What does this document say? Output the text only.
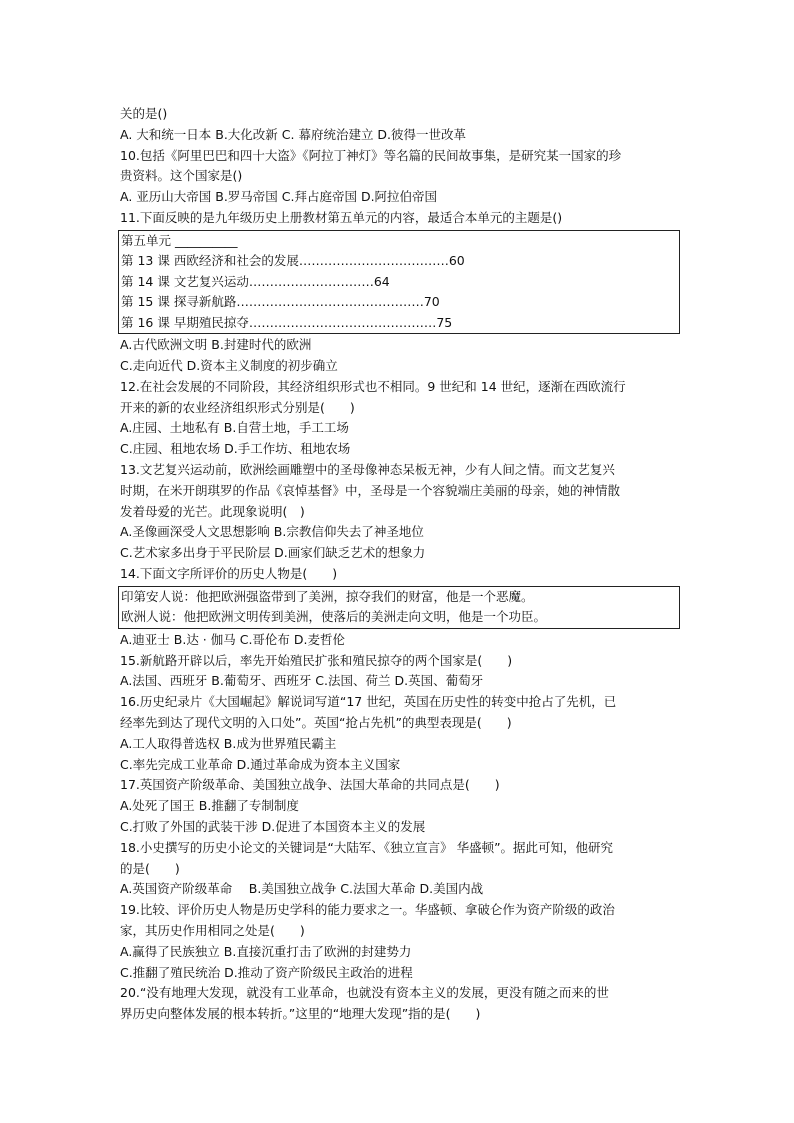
关的是()
A. 大和统一日本 B.大化改新 C. 幕府统治建立 D.彼得一世改革
10.包括《阿里巴巴和四十大盗》《阿拉丁神灯》等名篇的民间故事集，是研究某一国家的珍
贵资料。这个国家是()
A. 亚历山大帝国 B.罗马帝国 C.拜占庭帝国 D.阿拉伯帝国
11.下面反映的是九年级历史上册教材第五单元的内容，最适合本单元的主题是()
第五单元 __________
第 13 课 西欧经济和社会的发展………………………………60
第 14 课 文艺复兴运动…………………………64
第 15 课 探寻新航路………………………………………70
第 16 课 早期殖民掠夺………………………………………75
A.古代欧洲文明 B.封建时代的欧洲
C.走向近代 D.资本主义制度的初步确立
12.在社会发展的不同阶段，其经济组织形式也不相同。9 世纪和 14 世纪，逐渐在西欧流行
开来的新的农业经济组织形式分别是(　　)
A.庄园、土地私有 B.自营土地，手工工场
C.庄园、租地农场 D.手工作坊、租地农场
13.文艺复兴运动前，欧洲绘画雕塑中的圣母像神态呆板无神，少有人间之情。而文艺复兴
时期，在米开朗琪罗的作品《哀悼基督》中，圣母是一个容貌端庄美丽的母亲，她的神情散
发着母爱的光芒。此现象说明(　)
A.圣像画深受人文思想影响 B.宗教信仰失去了神圣地位
C.艺术家多出身于平民阶层 D.画家们缺乏艺术的想象力
14.下面文字所评价的历史人物是(　　)
印第安人说：他把欧洲强盗带到了美洲，掠夺我们的财富，他是一个恶魔。
欧洲人说：他把欧洲文明传到美洲，使落后的美洲走向文明，他是一个功臣。
A.迪亚士 B.达 · 伽马 C.哥伦布 D.麦哲伦
15.新航路开辟以后，率先开始殖民扩张和殖民掠夺的两个国家是(　　)
A.法国、西班牙 B.葡萄牙、西班牙 C.法国、荷兰 D.英国、葡萄牙
16.历史纪录片《大国崛起》解说词写道“17 世纪，英国在历史性的转变中抢占了先机，已
经率先到达了现代文明的入口处”。英国“抢占先机”的典型表现是(　　)
A.工人取得普选权 B.成为世界殖民霸主
C.率先完成工业革命 D.通过革命成为资本主义国家
17.英国资产阶级革命、美国独立战争、法国大革命的共同点是(　　)
A.处死了国王 B.推翻了专制制度
C.打败了外国的武装干涉 D.促进了本国资本主义的发展
18.小史撰写的历史小论文的关键词是“大陆军、《独立宣言》 华盛顿”。据此可知，他研究
的是(　　)
A.英国资产阶级革命　 B.美国独立战争 C.法国大革命 D.美国内战
19.比较、评价历史人物是历史学科的能力要求之一。华盛顿、拿破仑作为资产阶级的政治
家，其历史作用相同之处是(　　)
A.赢得了民族独立 B.直接沉重打击了欧洲的封建势力
C.推翻了殖民统治 D.推动了资产阶级民主政治的进程
20.“没有地理大发现，就没有工业革命，也就没有资本主义的发展，更没有随之而来的世
界历史向整体发展的根本转折。”这里的“地理大发现”指的是(　　)
